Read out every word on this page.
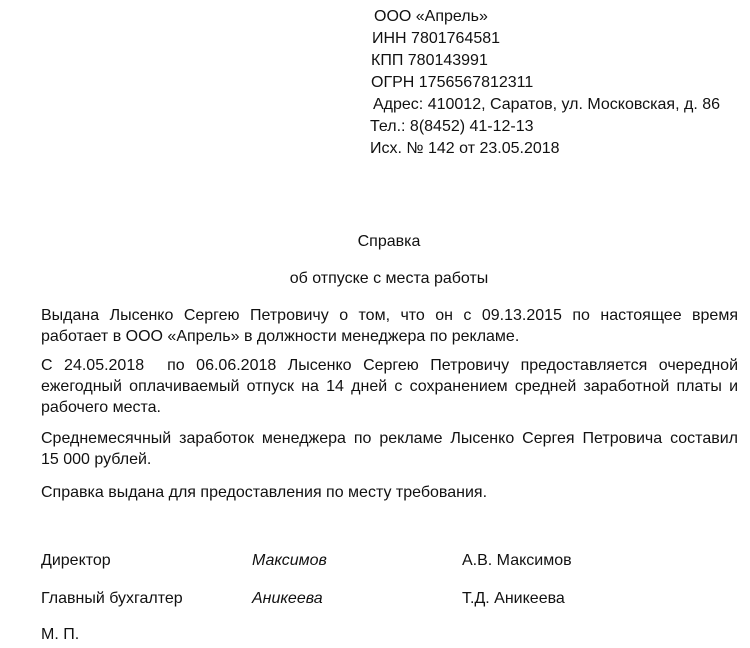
ООО «Апрель»
ИНН 7801764581
КПП 780143991
ОГРН 1756567812311
Адрес: 410012, Саратов, ул. Московская, д. 86
Тел.: 8(8452) 41-12-13
Исх. № 142 от 23.05.2018
Справка
об отпуске с места работы
Выдана Лысенко Сергею Петровичу о том, что он с 09.13.2015 по настоящее время
работает в ООО «Апрель» в должности менеджера по рекламе.
С 24.05.2018  по 06.06.2018 Лысенко Сергею Петровичу предоставляется очередной
ежегодный оплачиваемый отпуск на 14 дней с сохранением средней заработной платы и
рабочего места.
Среднемесячный заработок менеджера по рекламе Лысенко Сергея Петровича составил
15 000 рублей.
Справка выдана для предоставления по месту требования.
Директор	Максимов	А.В. Максимов
Главный бухгалтер	Аникеева	Т.Д. Аникеева
М. П.
